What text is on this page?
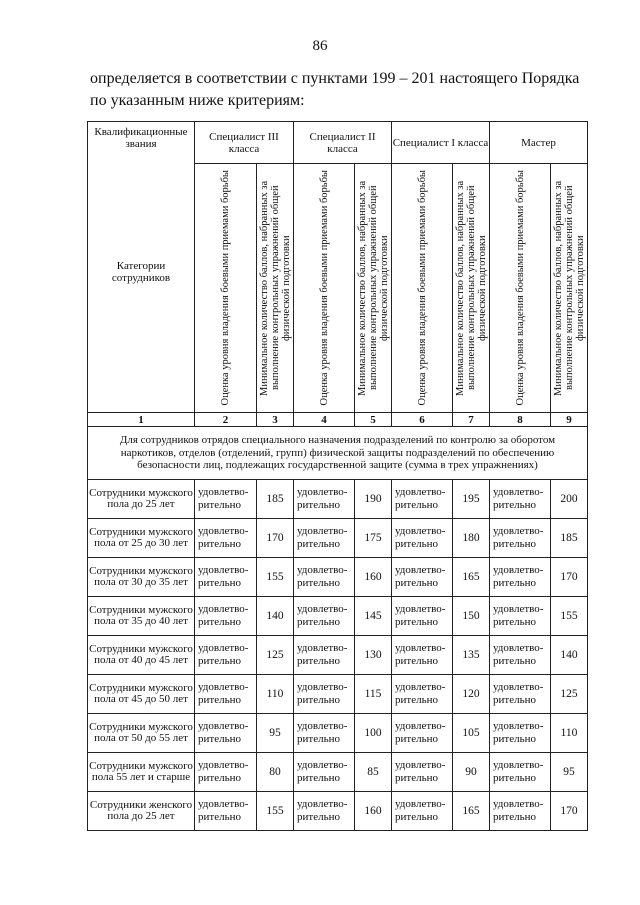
86
определяется в соответствии с пунктами 199 – 201 настоящего Порядка по указанным ниже критериям:
Квалификационные звания
Категории сотрудников	Специалист III класса		Специалист II класса		Специалист I класса		Мастер	

	Оценка уровня владения боевыми приемами борьбы	Минимальное количество баллов, набранных за выполнение контрольных упражнений общей физической подготовки	Оценка уровня владения боевыми приемами борьбы	Минимальное количество баллов, набранных за выполнение контрольных упражнений общей физической подготовки	Оценка уровня владения боевыми приемами борьбы	Минимальное количество баллов, набранных за выполнение контрольных упражнений общей физической подготовки	Оценка уровня владения боевыми приемами борьбы	Минимальное количество баллов, набранных за выполнение контрольных упражнений общей физической подготовки

1	2	3	4	5	6	7	8	9
Для сотрудников отрядов специального назначения подразделений по контролю за оборотом наркотиков, отделов (отделений, групп) физической защиты подразделений по обеспечению безопасности лиц, подлежащих государственной защите (сумма в трех упражнениях)								
Сотрудники мужского пола до 25 лет	удовлетво-рительно	185	удовлетво-рительно	190	удовлетво-рительно	195	удовлетво-рительно	200
Сотрудники мужского пола от 25 до 30 лет	удовлетво-рительно	170	удовлетво-рительно	175	удовлетво-рительно	180	удовлетво-рительно	185
Сотрудники мужского пола от 30 до 35 лет	удовлетво-рительно	155	удовлетво-рительно	160	удовлетво-рительно	165	удовлетво-рительно	170
Сотрудники мужского пола от 35 до 40 лет	удовлетво-рительно	140	удовлетво-рительно	145	удовлетво-рительно	150	удовлетво-рительно	155
Сотрудники мужского пола от 40 до 45 лет	удовлетво-рительно	125	удовлетво-рительно	130	удовлетво-рительно	135	удовлетво-рительно	140
Сотрудники мужского пола от 45 до 50 лет	удовлетво-рительно	110	удовлетво-рительно	115	удовлетво-рительно	120	удовлетво-рительно	125
Сотрудники мужского пола от 50 до 55 лет	удовлетво-рительно	95	удовлетво-рительно	100	удовлетво-рительно	105	удовлетво-рительно	110
Сотрудники мужского пола 55 лет и старше	удовлетво-рительно	80	удовлетво-рительно	85	удовлетво-рительно	90	удовлетво-рительно	95
Сотрудники женского пола до 25 лет	удовлетво-рительно	155	удовлетво-рительно	160	удовлетво-рительно	165	удовлетво-рительно	170
